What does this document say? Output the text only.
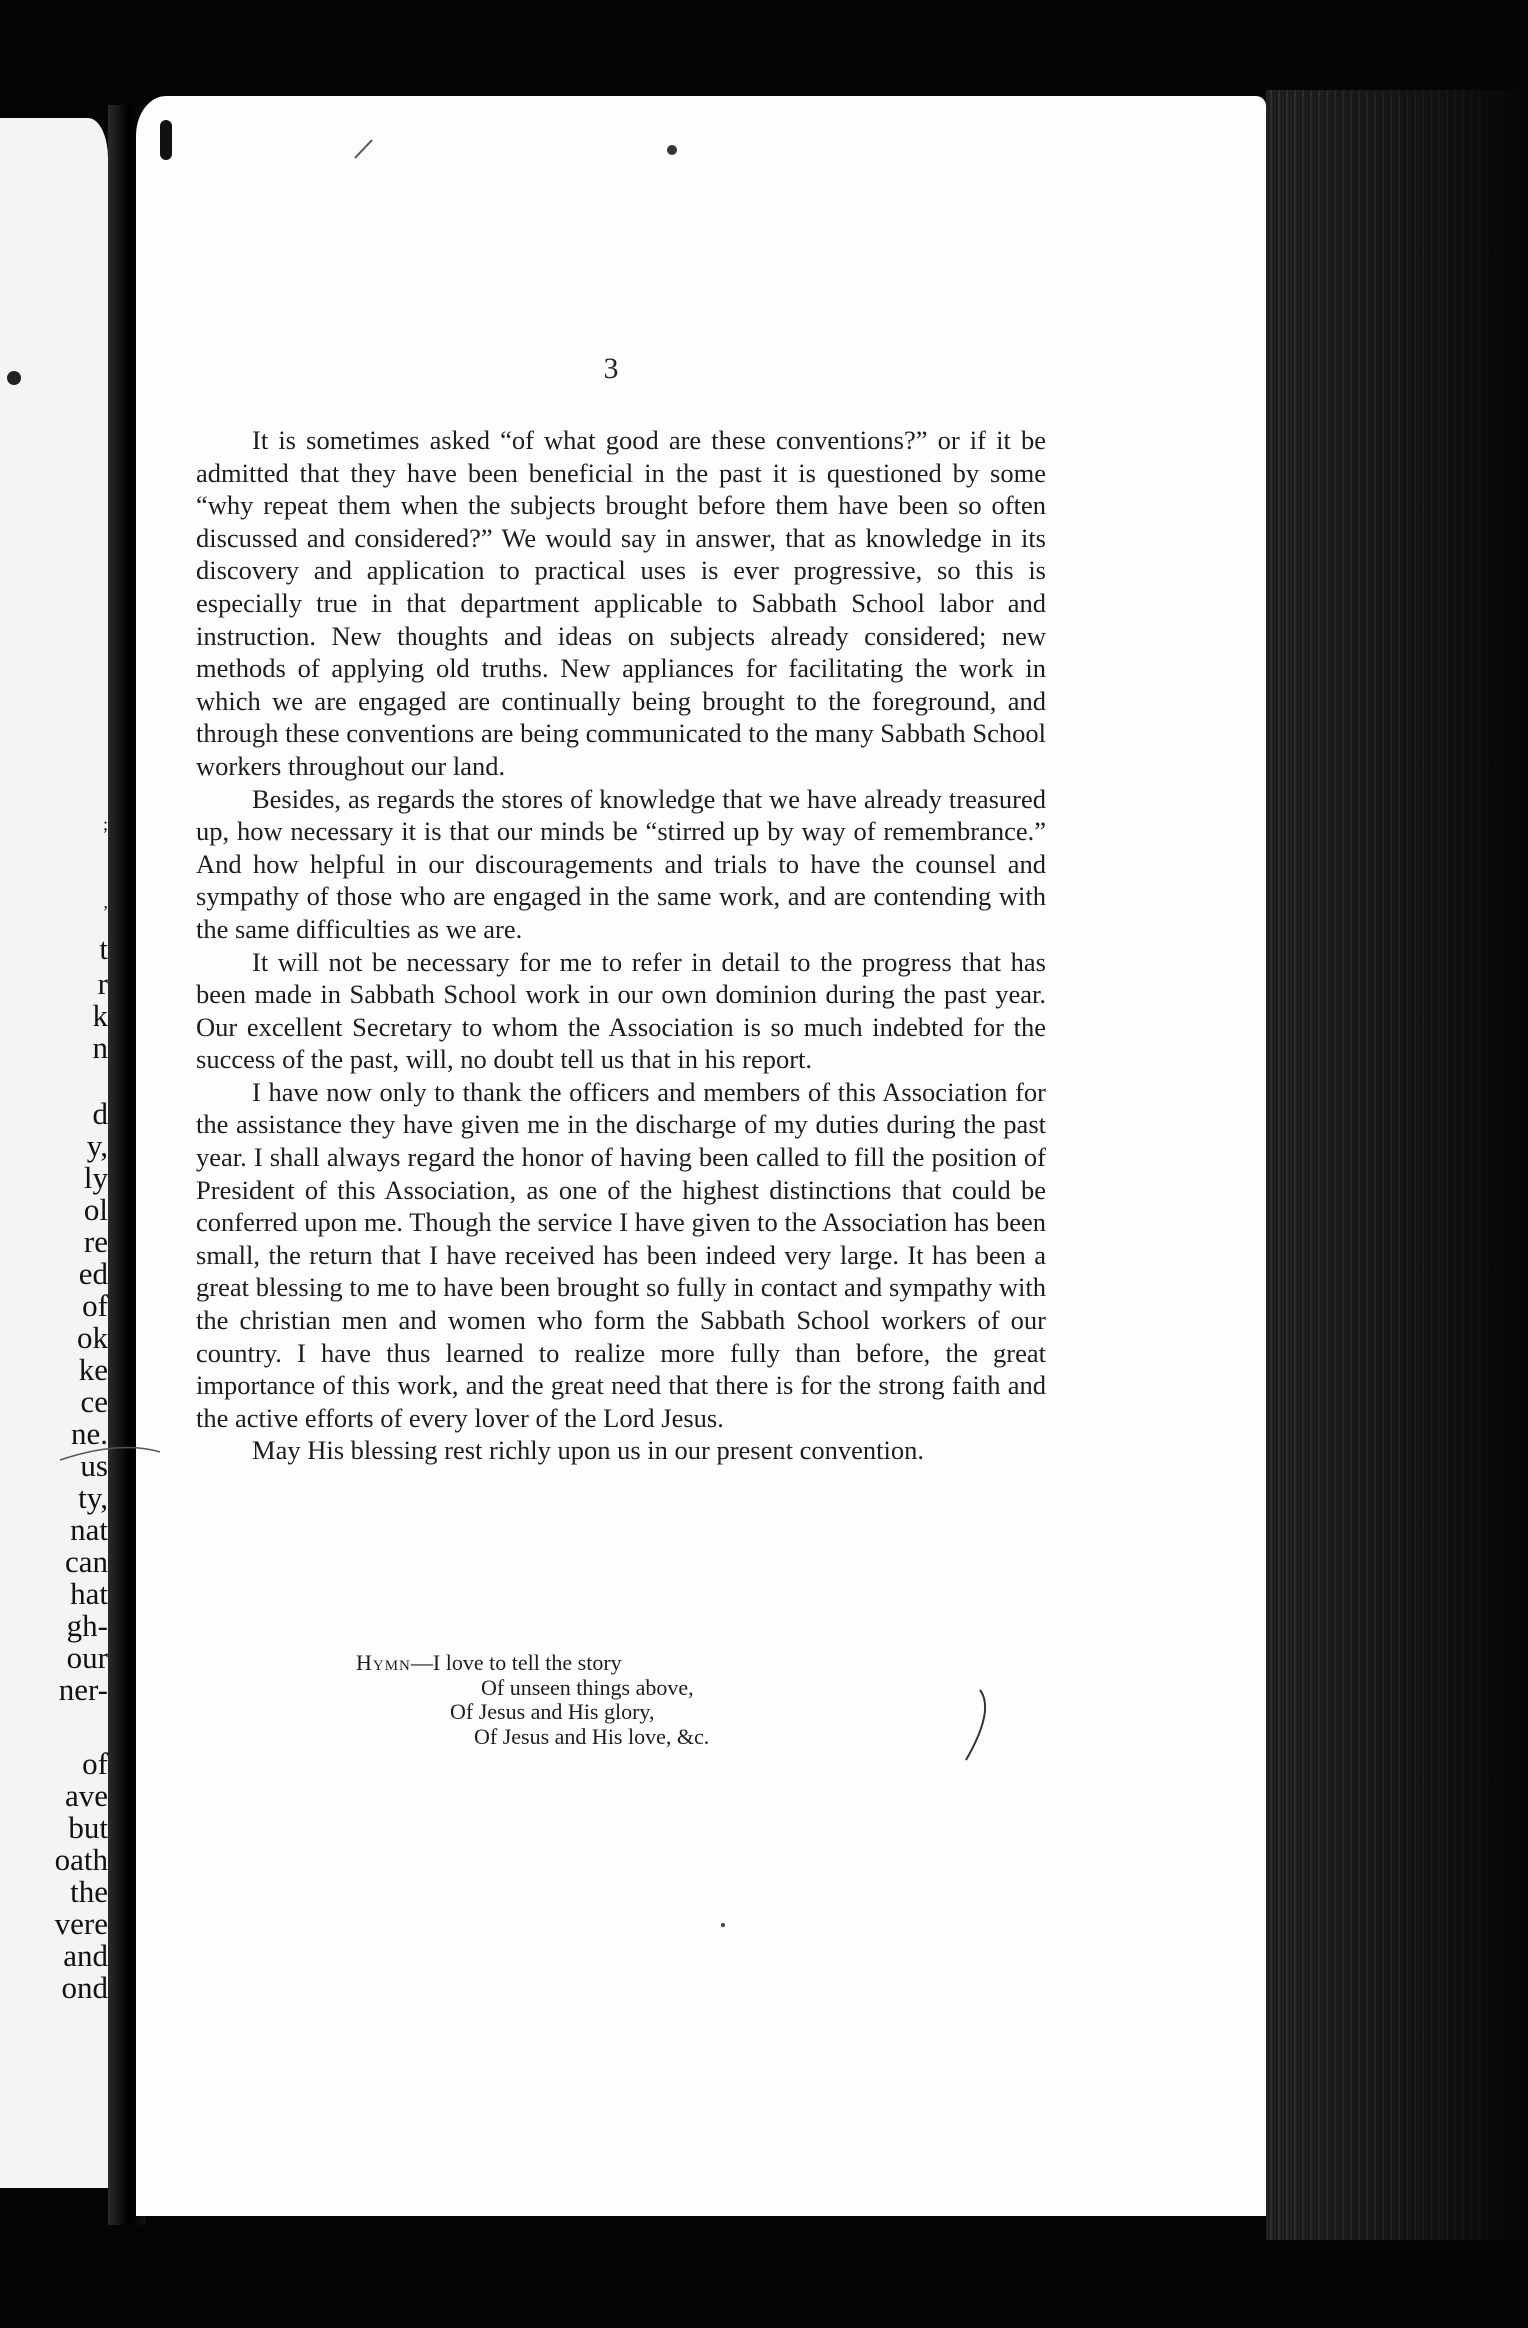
;
,
t
r
k
n
d
y,
ly
ol
re
ed
of
ok
ke
ce
ne.
us
ty,
nat
can
hat
gh-
our
ner-
of
ave
but
oath
the
vere
and
ond
3

It is sometimes asked “of what good are these conventions?” or if it be admitted that they have been beneficial in the past it is questioned by some “why repeat them when the subjects brought before them have been so often discussed and considered?” We would say in answer, that as knowledge in its discovery and application to practical uses is ever progressive, so this is especially true in that department applicable to Sabbath School labor and instruction. New thoughts and ideas on subjects already considered; new methods of applying old truths. New appliances for facilitating the work in which we are engaged are continually being brought to the foreground, and through these conventions are being communicated to the many Sabbath School workers throughout our land.

Besides, as regards the stores of knowledge that we have already treasured up, how necessary it is that our minds be “stirred up by way of remembrance.” And how helpful in our discouragements and trials to have the counsel and sympathy of those who are engaged in the same work, and are contending with the same difficulties as we are.

It will not be necessary for me to refer in detail to the progress that has been made in Sabbath School work in our own dominion during the past year. Our excellent Secretary to whom the Association is so much indebted for the success of the past, will, no doubt tell us that in his report.

I have now only to thank the officers and members of this Association for the assistance they have given me in the discharge of my duties during the past year. I shall always regard the honor of having been called to fill the position of President of this Association, as one of the highest distinctions that could be conferred upon me. Though the service I have given to the Association has been small, the return that I have received has been indeed very large. It has been a great blessing to me to have been brought so fully in contact and sympathy with the christian men and women who form the Sabbath School workers of our country. I have thus learned to realize more fully than before, the great importance of this work, and the great need that there is for the strong faith and the active efforts of every lover of the Lord Jesus.

May His blessing rest richly upon us in our present convention.

Hymn—I love to tell the story
Of unseen things above,
Of Jesus and His glory,
Of Jesus and His love, &c.
